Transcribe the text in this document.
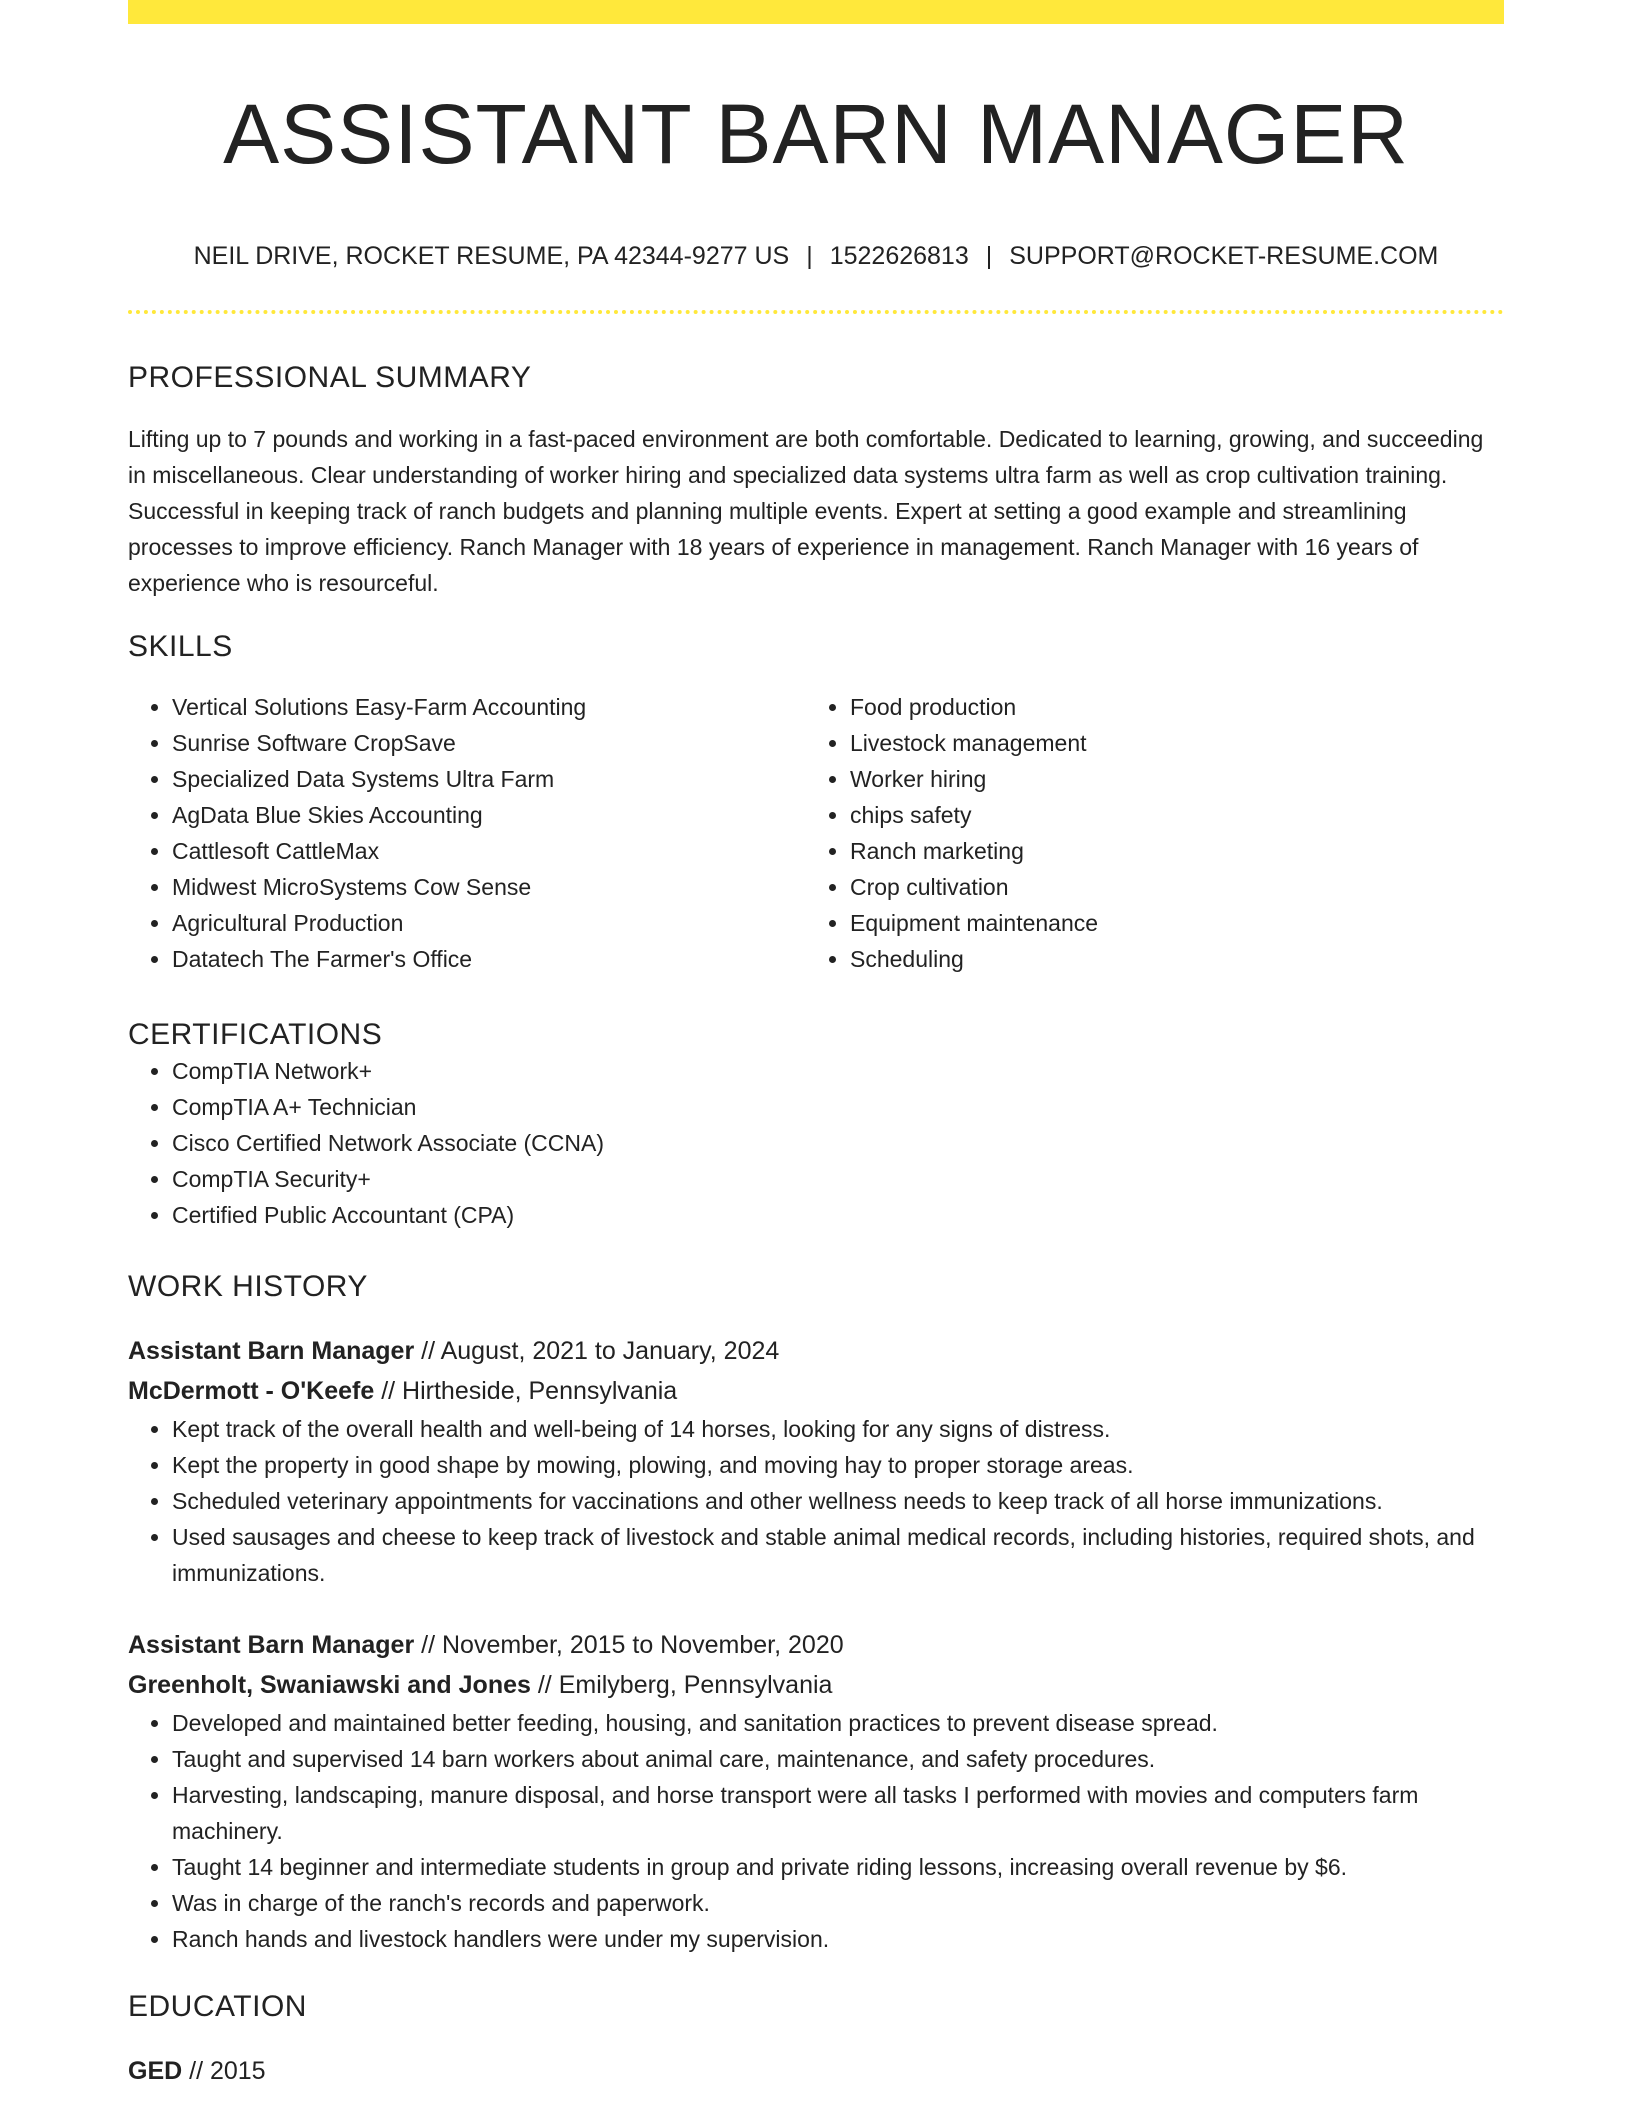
ASSISTANT BARN MANAGER
NEIL DRIVE, ROCKET RESUME, PA 42344-9277 US | 1522626813 | SUPPORT@ROCKET-RESUME.COM
PROFESSIONAL SUMMARY

Lifting up to 7 pounds and working in a fast-paced environment are both comfortable. Dedicated to learning, growing, and succeeding in miscellaneous. Clear understanding of worker hiring and specialized data systems ultra farm as well as crop cultivation training. Successful in keeping track of ranch budgets and planning multiple events. Expert at setting a good example and streamlining processes to improve efficiency. Ranch Manager with 18 years of experience in management. Ranch Manager with 16 years of experience who is resourceful.

SKILLS
• Vertical Solutions Easy-Farm Accounting
• Sunrise Software CropSave
• Specialized Data Systems Ultra Farm
• AgData Blue Skies Accounting
• Cattlesoft CattleMax
• Midwest MicroSystems Cow Sense
• Agricultural Production
• Datatech The Farmer's Office
• Food production
• Livestock management
• Worker hiring
• chips safety
• Ranch marketing
• Crop cultivation
• Equipment maintenance
• Scheduling
CERTIFICATIONS
• CompTIA Network+
• CompTIA A+ Technician
• Cisco Certified Network Associate (CCNA)
• CompTIA Security+
• Certified Public Accountant (CPA)
WORK HISTORY
Assistant Barn Manager // August, 2021 to January, 2024
McDermott - O'Keefe // Hirtheside, Pennsylvania
• Kept track of the overall health and well-being of 14 horses, looking for any signs of distress.
• Kept the property in good shape by mowing, plowing, and moving hay to proper storage areas.
• Scheduled veterinary appointments for vaccinations and other wellness needs to keep track of all horse immunizations.
• Used sausages and cheese to keep track of livestock and stable animal medical records, including histories, required shots, and immunizations.
Assistant Barn Manager // November, 2015 to November, 2020
Greenholt, Swaniawski and Jones // Emilyberg, Pennsylvania
• Developed and maintained better feeding, housing, and sanitation practices to prevent disease spread.
• Taught and supervised 14 barn workers about animal care, maintenance, and safety procedures.
• Harvesting, landscaping, manure disposal, and horse transport were all tasks I performed with movies and computers farm machinery.
• Taught 14 beginner and intermediate students in group and private riding lessons, increasing overall revenue by $6.
• Was in charge of the ranch's records and paperwork.
• Ranch hands and livestock handlers were under my supervision.
EDUCATION
GED // 2015
